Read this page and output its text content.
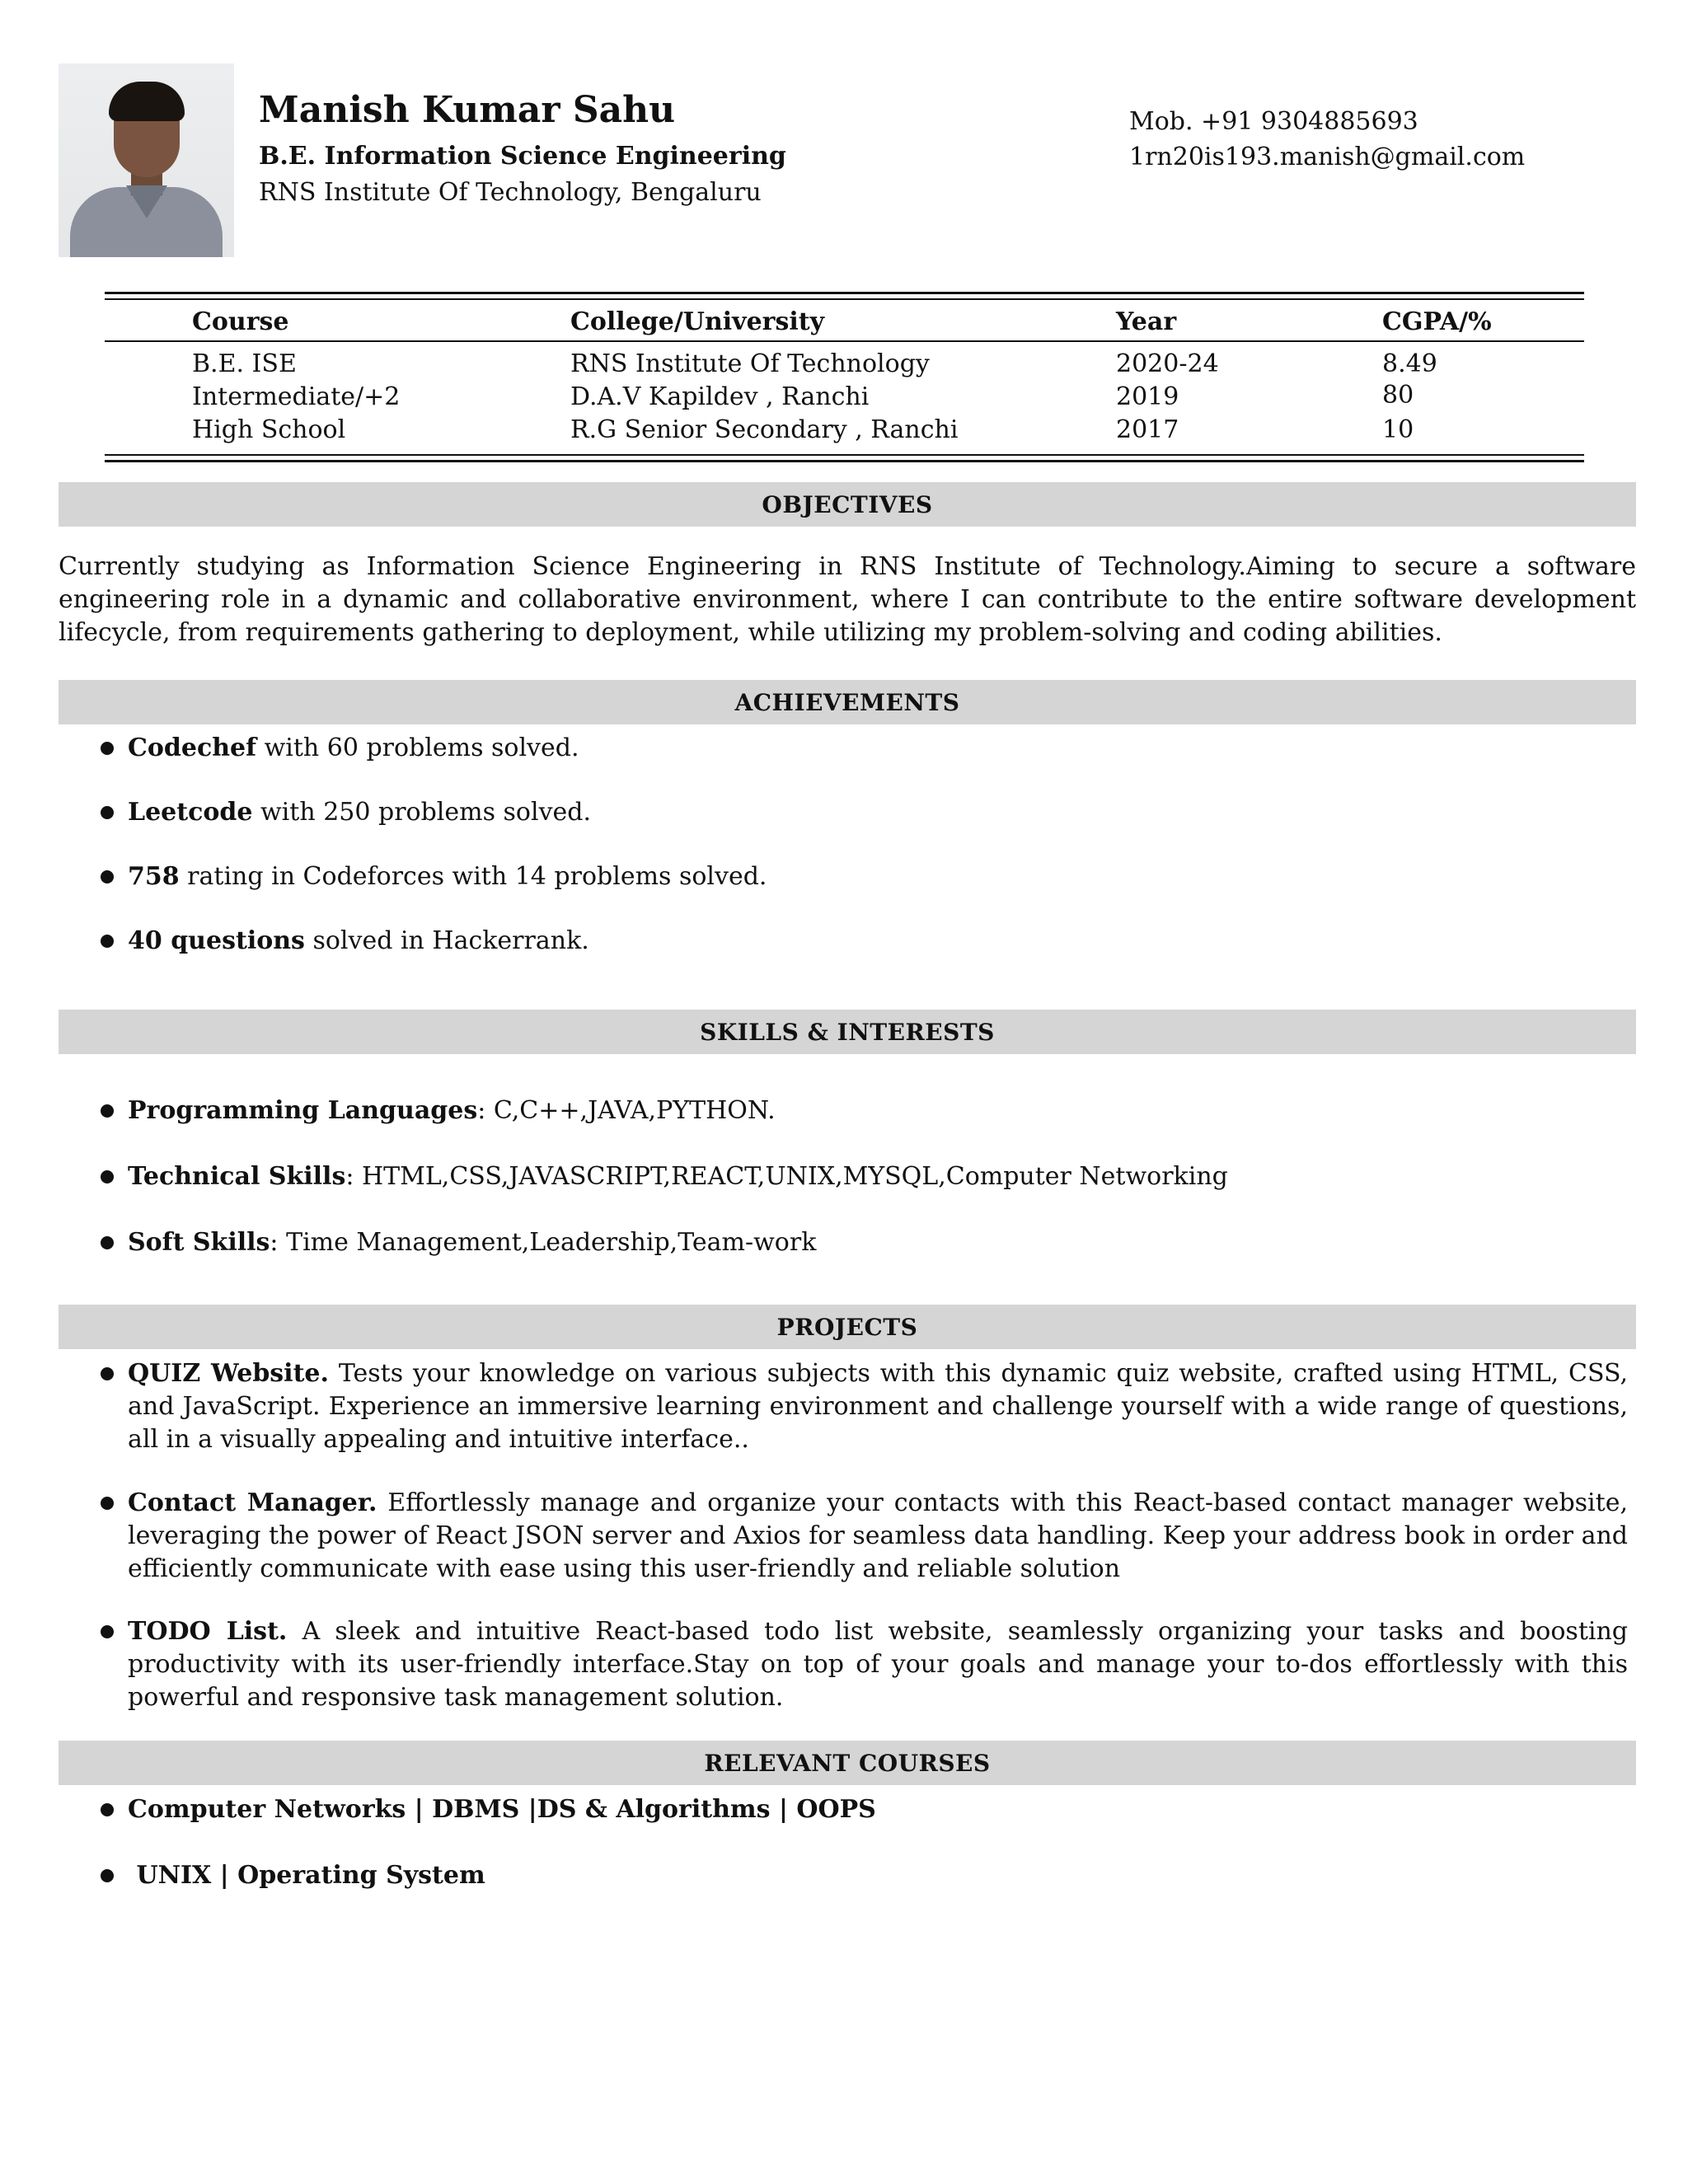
Manish Kumar Sahu
B.E. Information Science Engineering
RNS Institute Of Technology, Bengaluru
Mob. +91 9304885693
1rn20is193.manish@gmail.com
Course	College/University	Year	CGPA/%
B.E. ISE	RNS Institute Of Technology	2020-24	8.49
Intermediate/+2	D.A.V Kapildev , Ranchi	2019	80
High School	R.G Senior Secondary , Ranchi	2017	10
OBJECTIVES
Currently studying as Information Science Engineering in RNS Institute of Technology.Aiming to secure a software engineering role in a dynamic and collaborative environment, where I can contribute to the entire software development lifecycle, from requirements gathering to deployment, while utilizing my problem-solving and coding abilities.
ACHIEVEMENTS
Codechef with 60 problems solved.
Leetcode with 250 problems solved.
758 rating in Codeforces with 14 problems solved.
40 questions solved in Hackerrank.
SKILLS & INTERESTS
Programming Languages: C,C++,JAVA,PYTHON.
Technical Skills: HTML,CSS,JAVASCRIPT,REACT,UNIX,MYSQL,Computer Networking
Soft Skills: Time Management,Leadership,Team-work
PROJECTS
QUIZ Website. Tests your knowledge on various subjects with this dynamic quiz website, crafted using HTML, CSS, and JavaScript. Experience an immersive learning environment and challenge yourself with a wide range of questions, all in a visually appealing and intuitive interface..
Contact Manager. Effortlessly manage and organize your contacts with this React-based contact manager website, leveraging the power of React JSON server and Axios for seamless data handling. Keep your address book in order and efficiently communicate with ease using this user-friendly and reliable solution
TODO List. A sleek and intuitive React-based todo list website, seamlessly organizing your tasks and boosting productivity with its user-friendly interface.Stay on top of your goals and manage your to-dos effortlessly with this powerful and responsive task management solution.
RELEVANT COURSES
Computer Networks | DBMS |DS & Algorithms | OOPS
UNIX | Operating System
